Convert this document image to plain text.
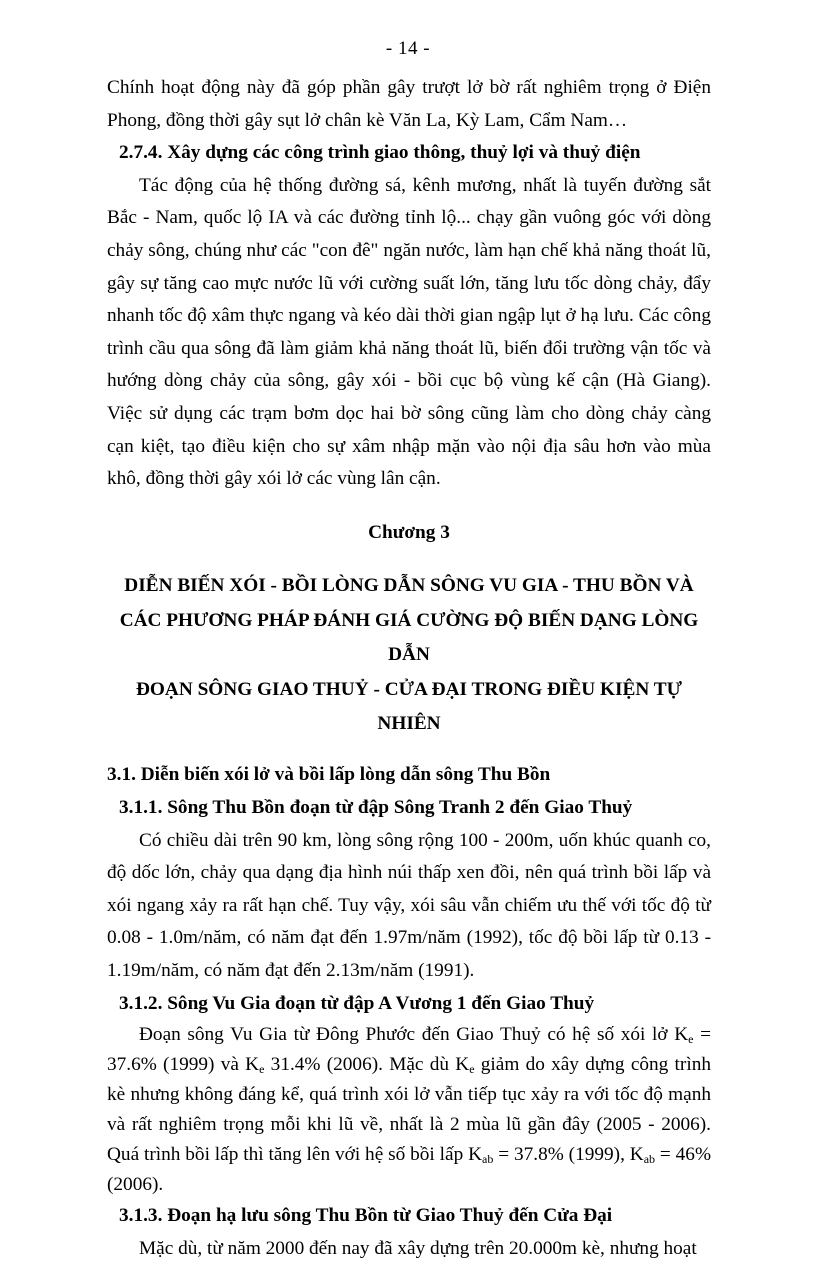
- 14 -

Chính hoạt động này đã góp phần gây trượt lở bờ rất nghiêm trọng ở Điện Phong, đồng thời gây sụt lở chân kè Văn La, Kỳ Lam, Cẩm Nam…

2.7.4. Xây dựng các công trình giao thông, thuỷ lợi và thuỷ điện

Tác động của hệ thống đường sá, kênh mương, nhất là tuyến đường sắt Bắc - Nam, quốc lộ IA và các đường tỉnh lộ... chạy gần vuông góc với dòng chảy sông, chúng như các "con đê" ngăn nước, làm hạn chế khả năng thoát lũ, gây sự tăng cao mực nước lũ với cường suất lớn, tăng lưu tốc dòng chảy, đẩy nhanh tốc độ xâm thực ngang và kéo dài thời gian ngập lụt ở hạ lưu. Các công trình cầu qua sông đã làm giảm khả năng thoát lũ, biến đổi trường vận tốc và hướng dòng chảy của sông, gây xói - bồi cục bộ vùng kế cận (Hà Giang). Việc sử dụng các trạm bơm dọc hai bờ sông cũng làm cho dòng chảy càng cạn kiệt, tạo điều kiện cho sự xâm nhập mặn vào nội địa sâu hơn vào mùa khô, đồng thời gây xói lở các vùng lân cận.

Chương 3

DIỄN BIẾN XÓI - BỒI LÒNG DẪN SÔNG VU GIA - THU BỒN VÀ

CÁC PHƯƠNG PHÁP ĐÁNH GIÁ CƯỜNG ĐỘ BIẾN DẠNG LÒNG DẪN

ĐOẠN SÔNG GIAO THUỶ - CỬA ĐẠI TRONG ĐIỀU KIỆN TỰ NHIÊN

3.1. Diễn biến xói lở và bồi lấp lòng dẫn sông Thu Bồn

3.1.1. Sông Thu Bồn đoạn từ đập Sông Tranh 2 đến Giao Thuỷ

Có chiều dài trên 90 km, lòng sông rộng 100 - 200m, uốn khúc quanh co, độ dốc lớn, chảy qua dạng địa hình núi thấp xen đồi, nên quá trình bồi lấp và xói ngang xảy ra rất hạn chế. Tuy vậy, xói sâu vẫn chiếm ưu thế với tốc độ từ 0.08 - 1.0m/năm, có năm đạt đến 1.97m/năm (1992), tốc độ bồi lấp từ 0.13 - 1.19m/năm, có năm đạt đến 2.13m/năm (1991).

3.1.2. Sông Vu Gia đoạn từ đập A Vương 1 đến Giao Thuỷ

Đoạn sông Vu Gia từ Đông Phước đến Giao Thuỷ có hệ số xói lở $K_e = 37.6\%$ (1999) và $K_e$ 31.4% (2006). Mặc dù $K_e$ giảm do xây dựng công trình kè nhưng không đáng kể, quá trình xói lở vẫn tiếp tục xảy ra với tốc độ mạnh và rất nghiêm trọng mỗi khi lũ về, nhất là 2 mùa lũ gần đây (2005 - 2006). Quá trình bồi lấp thì tăng lên với hệ số bồi lấp $K_{ab} = 37.8\%$ (1999), $K_{ab} = 46\%$ (2006).

3.1.3. Đoạn hạ lưu sông Thu Bồn từ Giao Thuỷ đến Cửa Đại

Mặc dù, từ năm 2000 đến nay đã xây dựng trên 20.000m kè, nhưng hoạt
